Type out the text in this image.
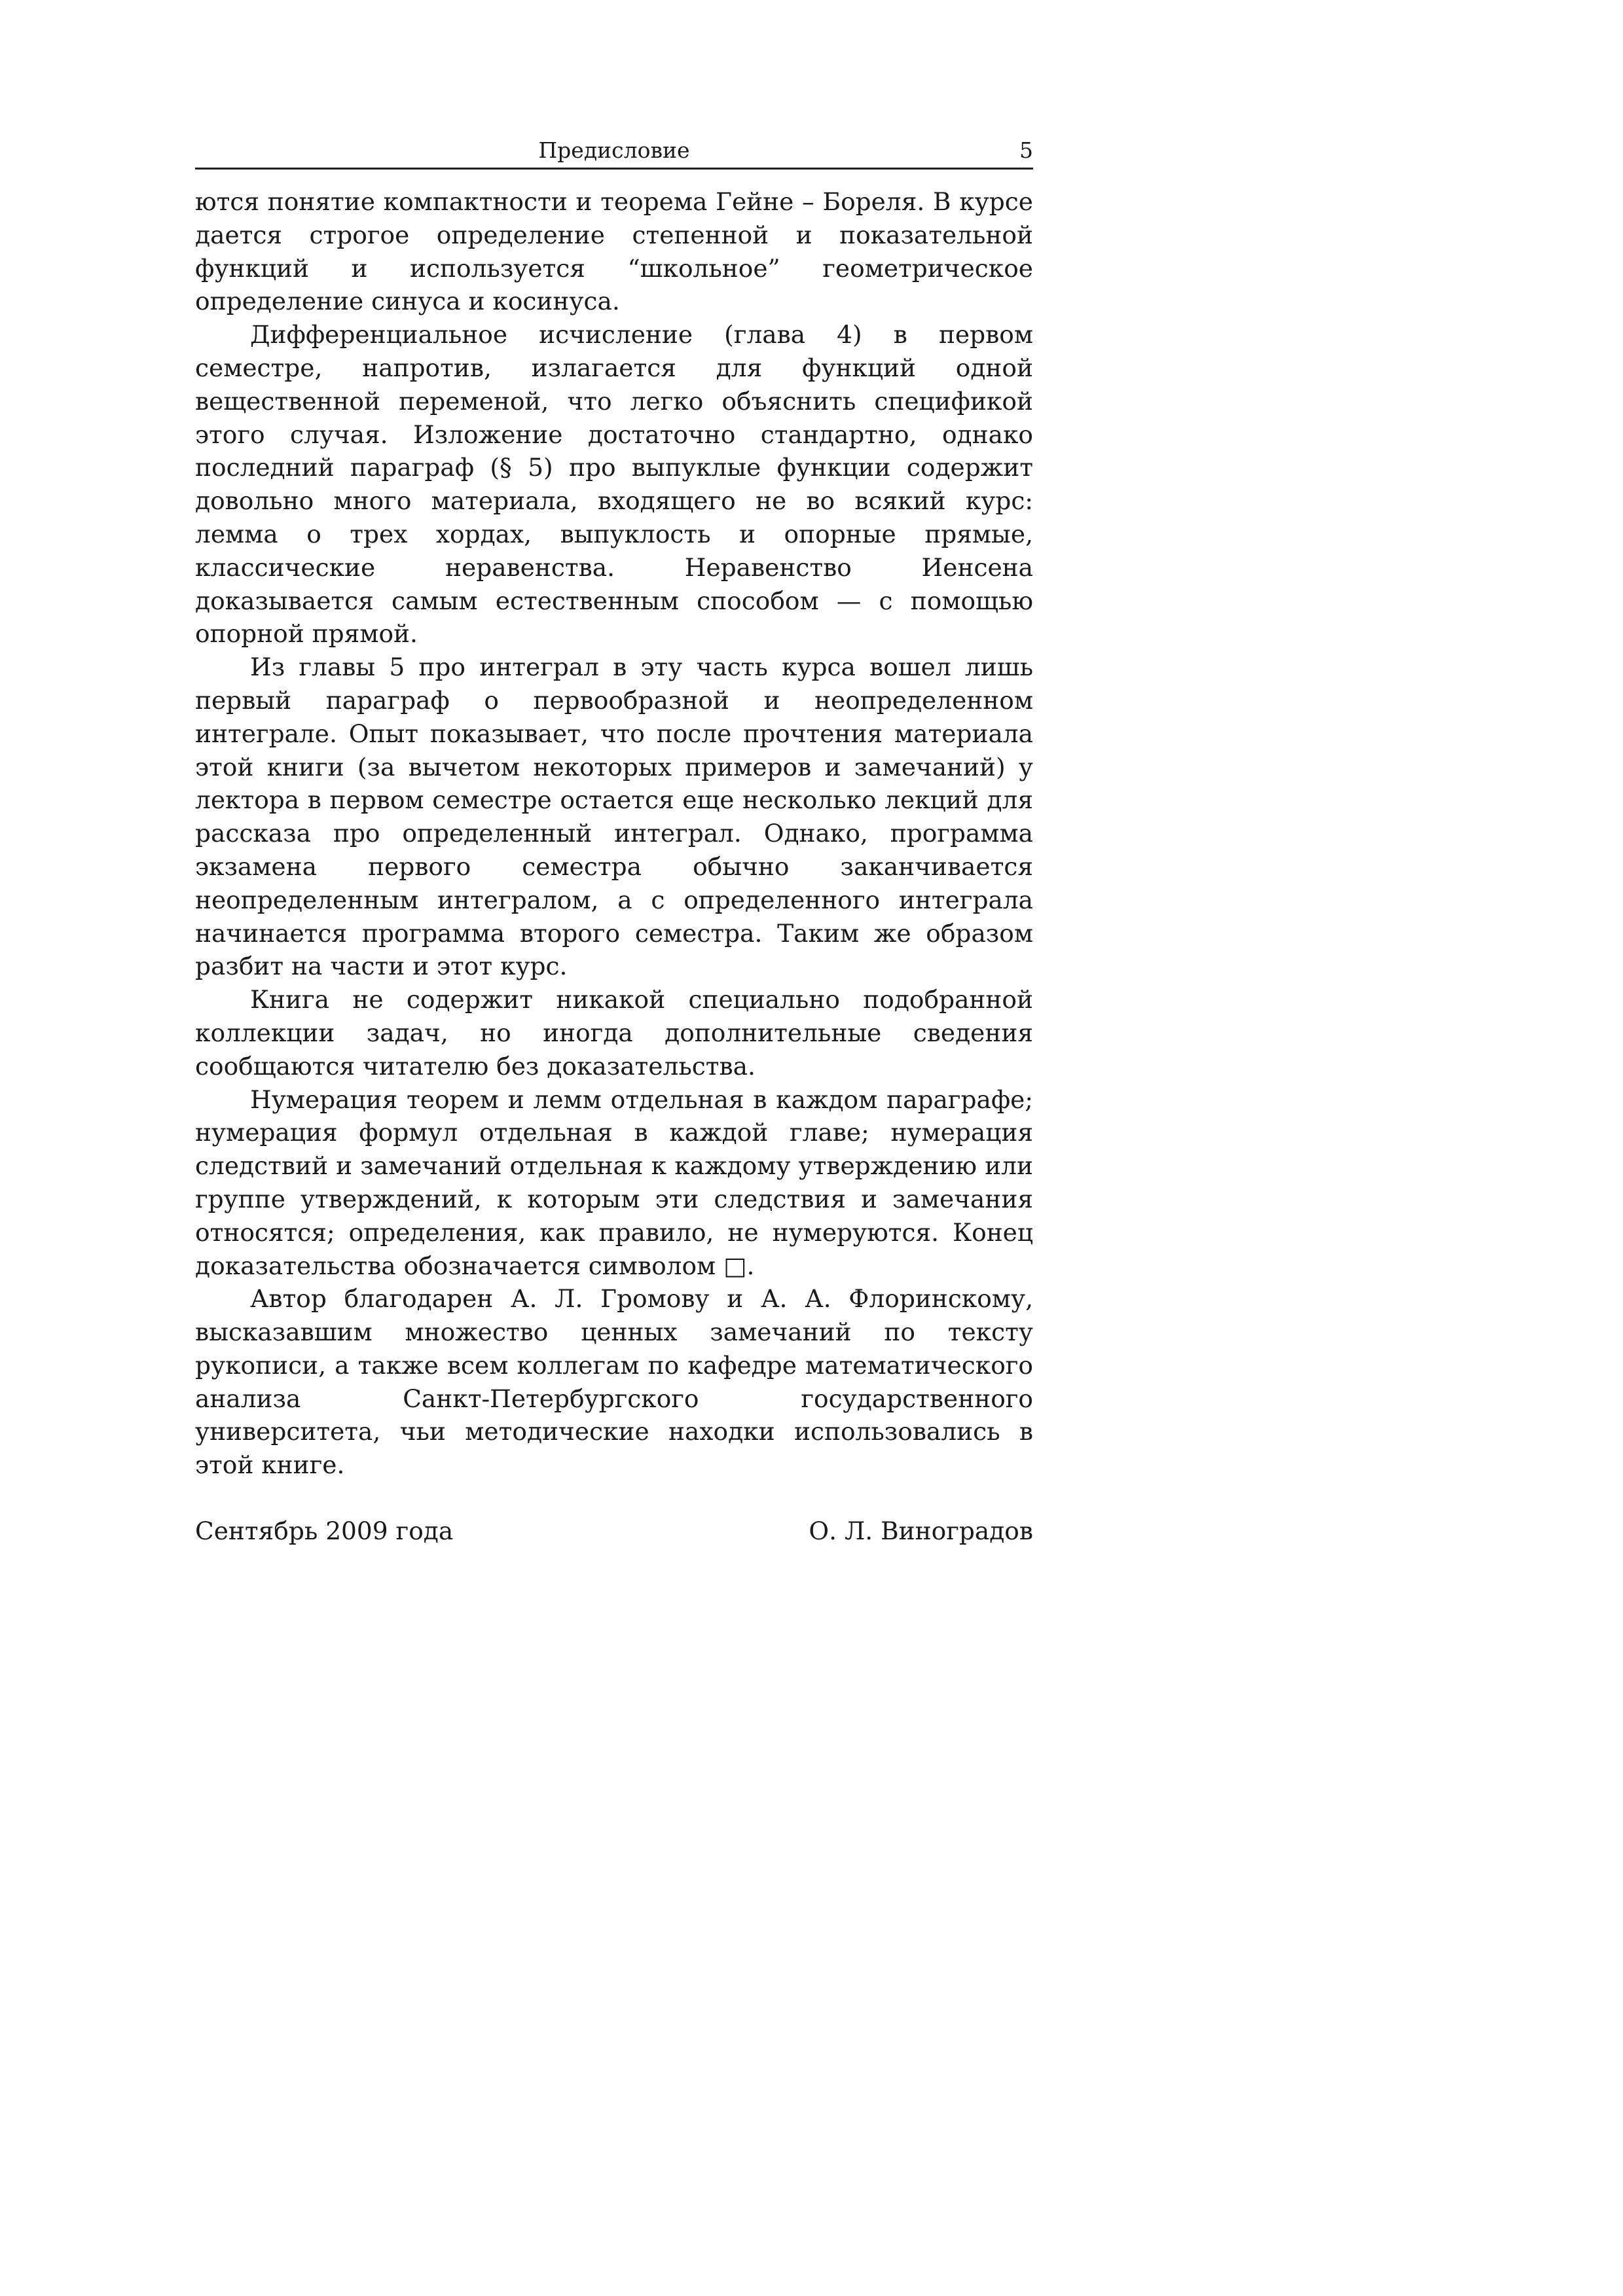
Предисловие	5

ются понятие компактности и теорема Гейне – Бореля. В курсе дается строгое определение степенной и показательной функций и используется “школьное” геометрическое определение синуса и косинуса.

Дифференциальное исчисление (глава 4) в первом семестре, напротив, излагается для функций одной вещественной переменой, что легко объяснить спецификой этого случая. Изложение достаточно стандартно, однако последний параграф (§ 5) про выпуклые функции содержит довольно много материала, входящего не во всякий курс: лемма о трех хордах, выпуклость и опорные прямые, классические неравенства. Неравенство Иенсена доказывается самым естественным способом — с помощью опорной прямой.

Из главы 5 про интеграл в эту часть курса вошел лишь первый параграф о первообразной и неопределенном интеграле. Опыт показывает, что после прочтения материала этой книги (за вычетом некоторых примеров и замечаний) у лектора в первом семестре остается еще несколько лекций для рассказа про определенный интеграл. Однако, программа экзамена первого семестра обычно заканчивается неопределенным интегралом, а с определенного интеграла начинается программа второго семестра. Таким же образом разбит на части и этот курс.

Книга не содержит никакой специально подобранной коллекции задач, но иногда дополнительные сведения сообщаются читателю без доказательства.

Нумерация теорем и лемм отдельная в каждом параграфе; нумерация формул отдельная в каждой главе; нумерация следствий и замечаний отдельная к каждому утверждению или группе утверждений, к которым эти следствия и замечания относятся; определения, как правило, не нумеруются. Конец доказательства обозначается символом □.

Автор благодарен А. Л. Громову и А. А. Флоринскому, высказавшим множество ценных замечаний по тексту рукописи, а также всем коллегам по кафедре математического анализа Санкт-Петербургского государственного университета, чьи методические находки использовались в этой книге.

Сентябрь 2009 года	О. Л. Виноградов
